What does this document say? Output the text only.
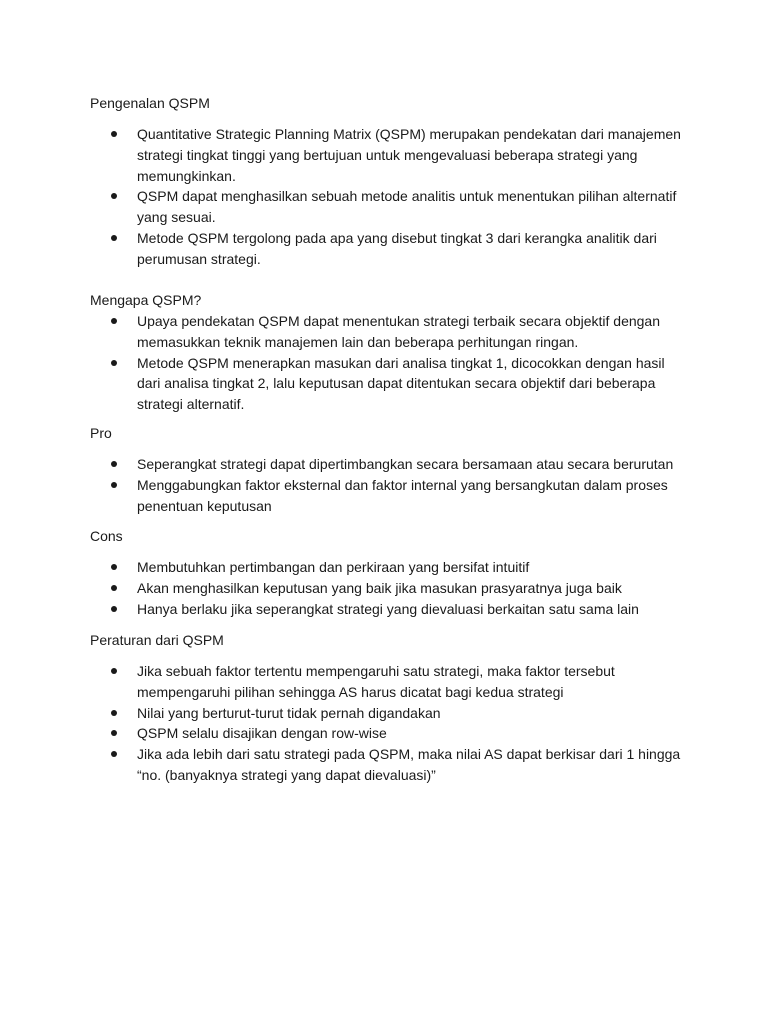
Pengenalan QSPM

Quantitative Strategic Planning Matrix (QSPM) merupakan pendekatan dari manajemen strategi tingkat tinggi yang bertujuan untuk mengevaluasi beberapa strategi yang memungkinkan.
QSPM dapat menghasilkan sebuah metode analitis untuk menentukan pilihan alternatif yang sesuai.
Metode QSPM tergolong pada apa yang disebut tingkat 3 dari kerangka analitik dari perumusan strategi.

Mengapa QSPM?

Upaya pendekatan QSPM dapat menentukan strategi terbaik secara objektif dengan memasukkan teknik manajemen lain dan beberapa perhitungan ringan.
Metode QSPM menerapkan masukan dari analisa tingkat 1, dicocokkan dengan hasil dari analisa tingkat 2, lalu keputusan dapat ditentukan secara objektif dari beberapa strategi alternatif.

Pro

Seperangkat strategi dapat dipertimbangkan secara bersamaan atau secara berurutan
Menggabungkan faktor eksternal dan faktor internal yang bersangkutan dalam proses penentuan keputusan

Cons

Membutuhkan pertimbangan dan perkiraan yang bersifat intuitif
Akan menghasilkan keputusan yang baik jika masukan prasyaratnya juga baik
Hanya berlaku jika seperangkat strategi yang dievaluasi berkaitan satu sama lain

Peraturan dari QSPM

Jika sebuah faktor tertentu mempengaruhi satu strategi, maka faktor tersebut mempengaruhi pilihan sehingga AS harus dicatat bagi kedua strategi
Nilai yang berturut-turut tidak pernah digandakan
QSPM selalu disajikan dengan row-wise
Jika ada lebih dari satu strategi pada QSPM, maka nilai AS dapat berkisar dari 1 hingga “no. (banyaknya strategi yang dapat dievaluasi)”
